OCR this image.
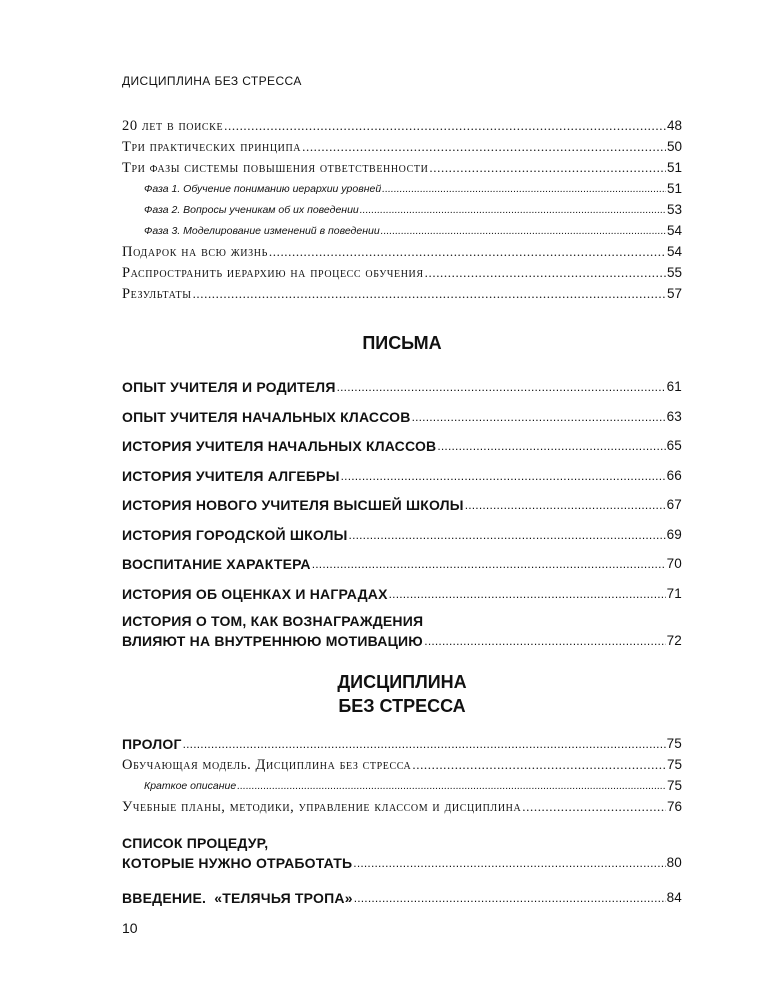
ДИСЦИПЛИНА БЕЗ СТРЕССА
20 лет в поиске .....	48
Три практических принципа .....	50
Три фазы системы повышения ответственности .....	51
Фаза 1. Обучение пониманию иерархии уровней .....	51
Фаза 2. Вопросы ученикам об их поведении .....	53
Фаза 3. Моделирование изменений в поведении .....	54
Подарок на всю жизнь .....	54
Распространить иерархию на процесс обучения .....	55
Результаты .....	57
ПИСЬМА
ОПЫТ УЧИТЕЛЯ И РОДИТЕЛЯ .....	61
ОПЫТ УЧИТЕЛЯ НАЧАЛЬНЫХ КЛАССОВ .....	63
ИСТОРИЯ УЧИТЕЛЯ НАЧАЛЬНЫХ КЛАССОВ .....	65
ИСТОРИЯ УЧИТЕЛЯ АЛГЕБРЫ .....	66
ИСТОРИЯ НОВОГО УЧИТЕЛЯ ВЫСШЕЙ ШКОЛЫ .....	67
ИСТОРИЯ ГОРОДСКОЙ ШКОЛЫ .....	69
ВОСПИТАНИЕ ХАРАКТЕРА .....	70
ИСТОРИЯ ОБ ОЦЕНКАХ И НАГРАДАХ .....	71
ИСТОРИЯ О ТОМ, КАК ВОЗНАГРАЖДЕНИЯ
ВЛИЯЮТ НА ВНУТРЕННЮЮ МОТИВАЦИЮ .....	72
ДИСЦИПЛИНА
БЕЗ СТРЕССА
ПРОЛОГ .....	75
Обучающая модель. Дисциплина без стресса .....	75
Краткое описание .....	75
Учебные планы, методики, управление классом и дисциплина .....	76
СПИСОК ПРОЦЕДУР,
КОТОРЫЕ НУЖНО ОТРАБОТАТЬ .....	80
ВВЕДЕНИЕ.  «ТЕЛЯЧЬЯ ТРОПА» .....	84
10
